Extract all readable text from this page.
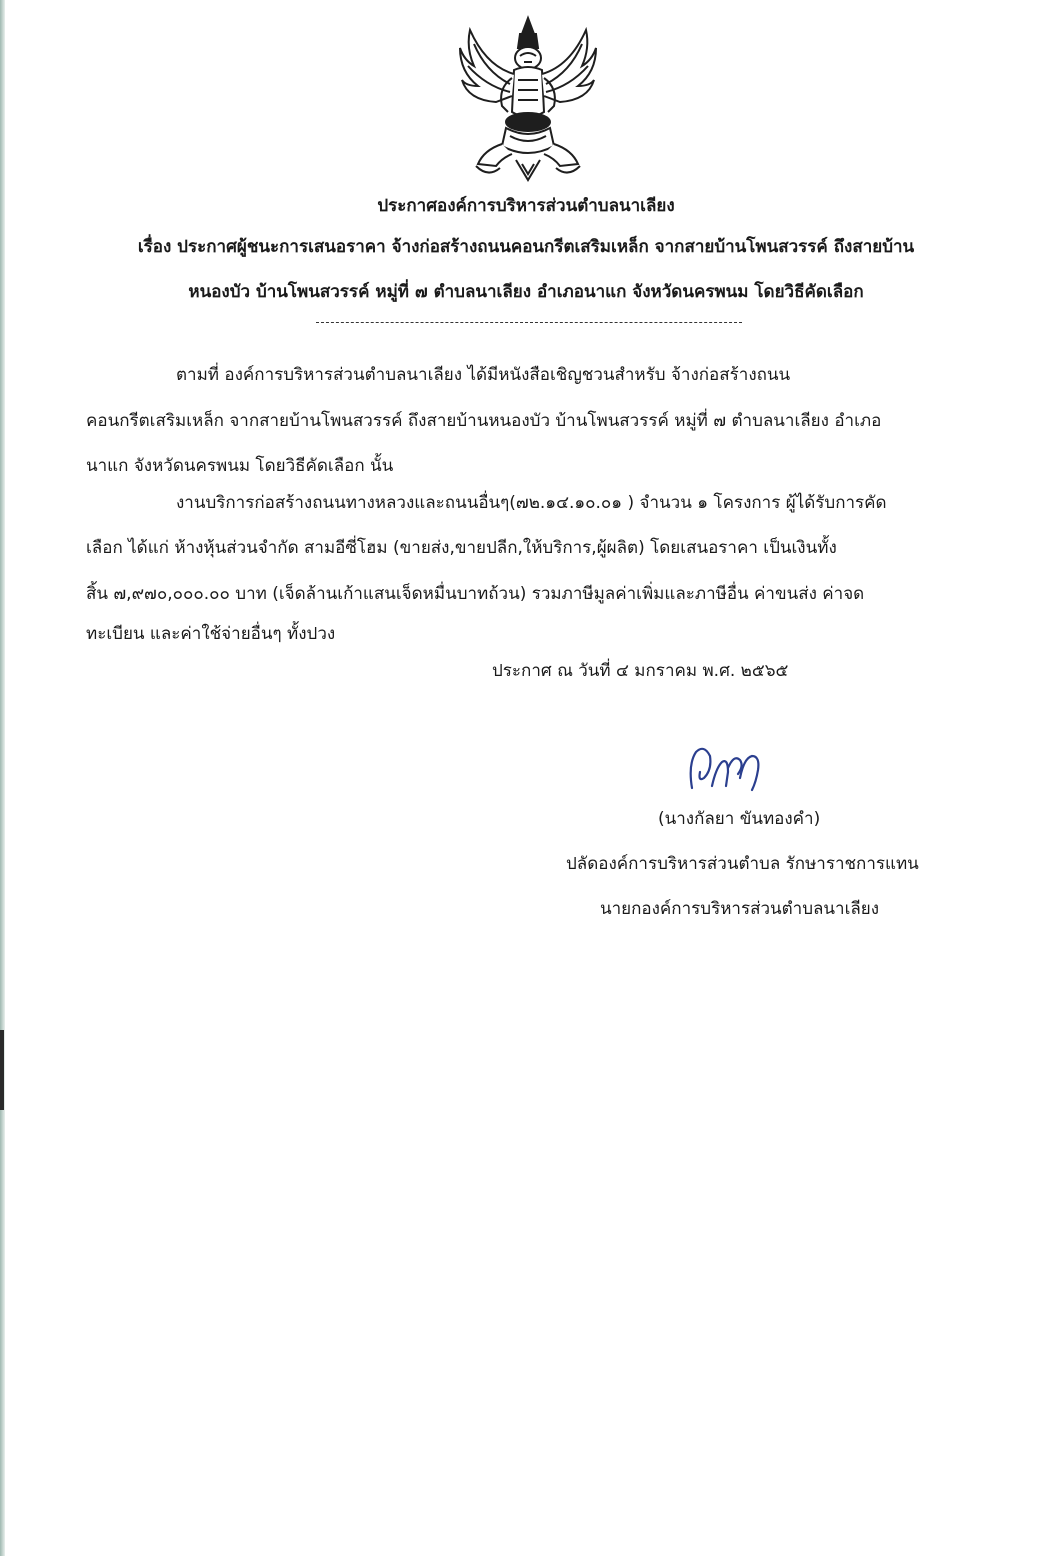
ประกาศองค์การบริหารส่วนตำบลนาเลียง
เรื่อง ประกาศผู้ชนะการเสนอราคา จ้างก่อสร้างถนนคอนกรีตเสริมเหล็ก จากสายบ้านโพนสวรรค์ ถึงสายบ้าน
หนองบัว บ้านโพนสวรรค์ หมู่ที่ ๗ ตำบลนาเลียง อำเภอนาแก จังหวัดนครพนม โดยวิธีคัดเลือก
ตามที่ องค์การบริหารส่วนตำบลนาเลียง ได้มีหนังสือเชิญชวนสำหรับ จ้างก่อสร้างถนน
คอนกรีตเสริมเหล็ก จากสายบ้านโพนสวรรค์ ถึงสายบ้านหนองบัว บ้านโพนสวรรค์ หมู่ที่ ๗ ตำบลนาเลียง อำเภอ
นาแก จังหวัดนครพนม โดยวิธีคัดเลือก นั้น
งานบริการก่อสร้างถนนทางหลวงและถนนอื่นๆ(๗๒.๑๔.๑๐.๐๑ ) จำนวน ๑ โครงการ ผู้ได้รับการคัด
เลือก ได้แก่ ห้างหุ้นส่วนจำกัด สามอีซี่โฮม (ขายส่ง,ขายปลีก,ให้บริการ,ผู้ผลิต) โดยเสนอราคา เป็นเงินทั้ง
สิ้น ๗,๙๗๐,๐๐๐.๐๐ บาท (เจ็ดล้านเก้าแสนเจ็ดหมื่นบาทถ้วน) รวมภาษีมูลค่าเพิ่มและภาษีอื่น ค่าขนส่ง ค่าจด
ทะเบียน และค่าใช้จ่ายอื่นๆ ทั้งปวง
ประกาศ ณ วันที่ ๔ มกราคม พ.ศ. ๒๕๖๕
(นางกัลยา ขันทองคำ)
ปลัดองค์การบริหารส่วนตำบล รักษาราชการแทน
นายกองค์การบริหารส่วนตำบลนาเลียง
